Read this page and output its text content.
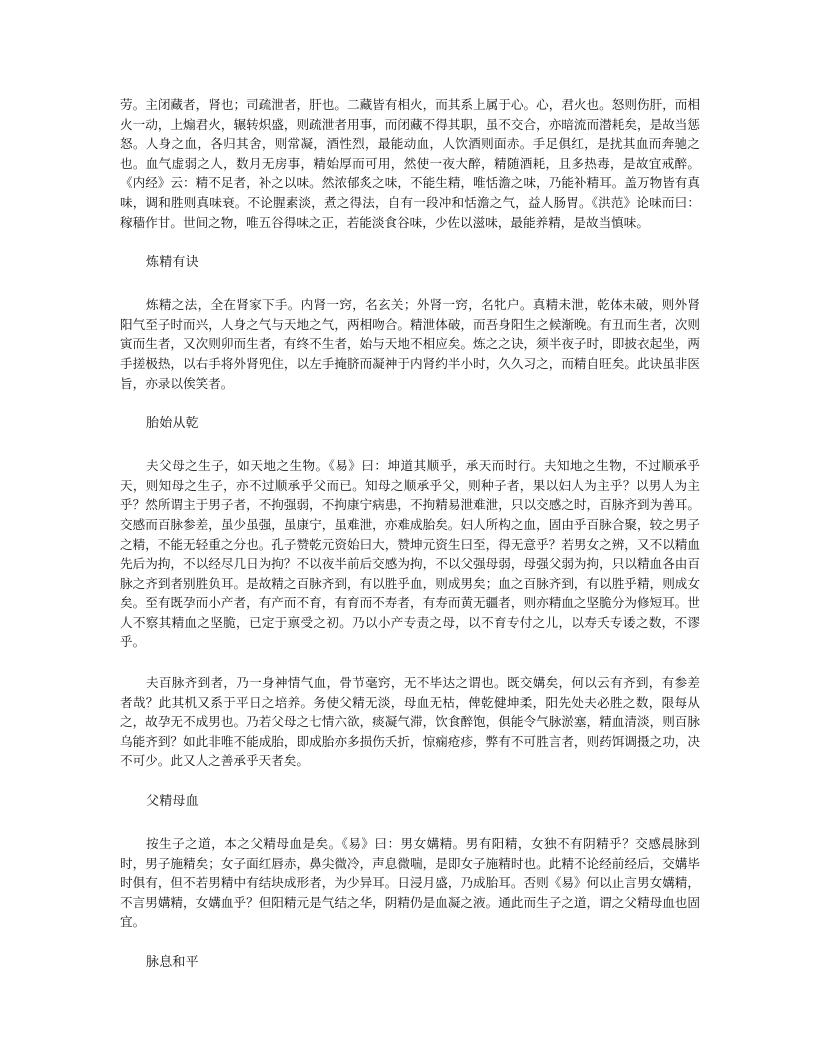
劳。主闭藏者，肾也；司疏泄者，肝也。二藏皆有相火，而其系上属于心。心，君火也。怒则伤肝，而相火一动，上煽君火，辗转炽盛，则疏泄者用事，而闭藏不得其职，虽不交合，亦暗流而潜耗矣，是故当惩怒。人身之血，各归其舍，则常凝，酒性烈，最能动血，人饮酒则面赤。手足俱红，是扰其血而奔驰之也。血气虚弱之人，数月无房事，精始厚而可用，然使一夜大醉，精随酒耗，且多热毒，是故宜戒醉。《内经》云：精不足者，补之以味。然浓郁炙之味，不能生精，唯恬澹之味，乃能补精耳。盖万物皆有真味，调和胜则真味衰。不论腥素淡，煮之得法，自有一段冲和恬澹之气，益人肠胃。《洪范》论味而曰：稼穑作甘。世间之物，唯五谷得味之正，若能淡食谷味，少佐以滋味，最能养精，是故当慎味。

炼精有诀

炼精之法，全在肾家下手。内肾一窍，名玄关；外肾一窍，名牝户。真精未泄，乾体未破，则外肾阳气至子时而兴，人身之气与天地之气，两相吻合。精泄体破，而吾身阳生之候渐晚。有丑而生者，次则寅而生者，又次则卯而生者，有终不生者，始与天地不相应矣。炼之之诀，须半夜子时，即披衣起坐，两手搓极热，以右手将外肾兜住，以左手掩脐而凝神于内肾约半小时，久久习之，而精自旺矣。此诀虽非医旨，亦录以俟笑者。

胎始从乾

夫父母之生子，如天地之生物。《易》曰：坤道其顺乎，承天而时行。夫知地之生物，不过顺承乎天，则知母之生子，亦不过顺承乎父而已。知母之顺承乎父，则种子者，果以妇人为主乎？以男人为主乎？然所谓主于男子者，不拘强弱，不拘康宁病患，不拘精易泄难泄，只以交感之时，百脉齐到为善耳。交感而百脉参差，虽少虽强，虽康宁，虽难泄，亦难成胎矣。妇人所构之血，固由乎百脉合聚，较之男子之精，不能无轻重之分也。孔子赞乾元资始曰大，赞坤元资生曰至，得无意乎？若男女之辨，又不以精血先后为拘，不以经尽几日为拘？不以夜半前后交感为拘，不以父强母弱，母强父弱为拘，只以精血各由百脉之齐到者别胜负耳。是故精之百脉齐到，有以胜乎血，则成男矣；血之百脉齐到，有以胜乎精，则成女矣。至有既孕而小产者，有产而不育，有育而不寿者，有寿而黄无疆者，则亦精血之坚脆分为修短耳。世人不察其精血之坚脆，已定于禀受之初。乃以小产专责之母，以不育专付之儿，以寿夭专诿之数，不谬乎。

夫百脉齐到者，乃一身神情气血，骨节毫窍，无不毕达之谓也。既交媾矣，何以云有齐到，有参差者哉？此其机又系于平日之培养。务使父精无淡，母血无枯，俾乾健坤柔，阳先处夫必胜之数，限每从之，故孕无不成男也。乃若父母之七情六欲，痰凝气滞，饮食醉饱，俱能令气脉淤塞，精血清淡，则百脉乌能齐到？如此非唯不能成胎，即成胎亦多损伤夭折，惊痫疮疹，弊有不可胜言者，则药饵调摄之功，决不可少。此又人之善承乎天者矣。

父精母血

按生子之道，本之父精母血是矣。《易》曰：男女媾精。男有阳精，女独不有阴精乎？交感晨脉到时，男子施精矣；女子面红唇赤，鼻尖微冷，声息微喘，是即女子施精时也。此精不论经前经后，交媾毕时俱有，但不若男精中有结块成形者，为少异耳。日浸月盛，乃成胎耳。否则《易》何以止言男女媾精，不言男媾精，女媾血乎？但阳精元是气结之华，阴精仍是血凝之液。通此而生子之道，谓之父精母血也固宜。

脉息和平
